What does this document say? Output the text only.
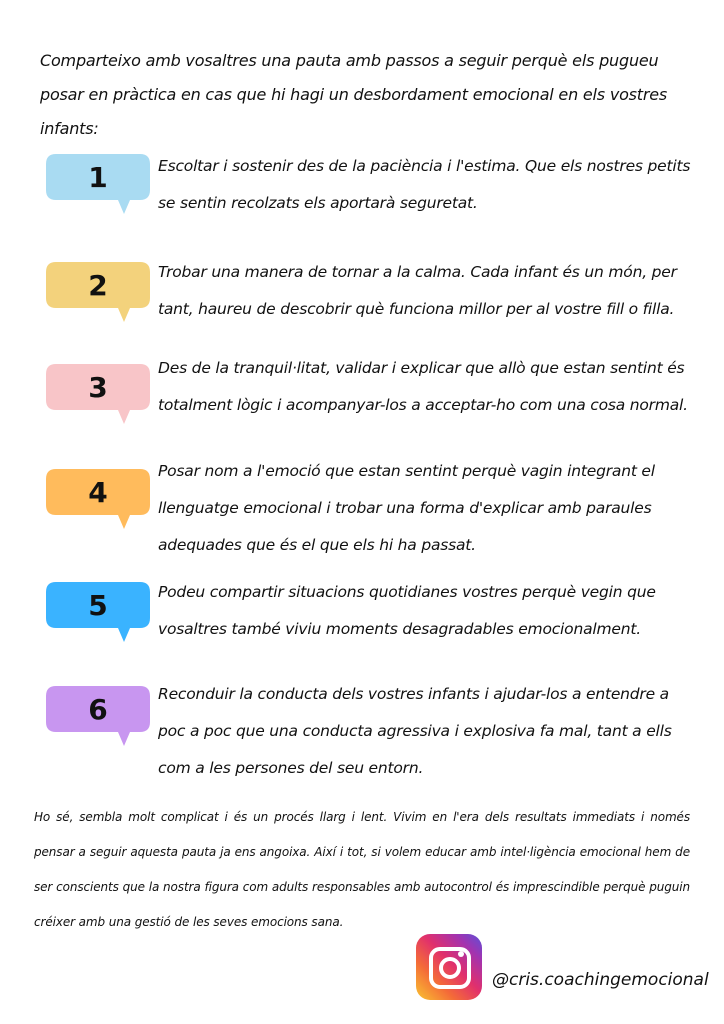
Comparteixo amb vosaltres una pauta amb passos a seguir perquè els pugueu posar en pràctica en cas que hi hagi un desbordament emocional en els vostres infants:
1	Escoltar i sostenir des de la paciència i l'estima. Que els nostres petits se sentin recolzats els aportarà seguretat.
2	Trobar una manera de tornar a la calma. Cada infant és un món, per tant, haureu de descobrir què funciona millor per al vostre fill o filla.
3
Des de la tranquil·litat, validar i explicar que allò que estan sentint és totalment lògic i acompanyar-los a acceptar-ho com una cosa normal.
4
Posar nom a l'emoció que estan sentint perquè vagin integrant el llenguatge emocional i trobar una forma d'explicar amb paraules adequades que és el que els hi ha passat.
5	Podeu compartir situacions quotidianes vostres perquè vegin que vosaltres també viviu moments desagradables emocionalment.
6	Reconduir la conducta dels vostres infants i ajudar-los a entendre a poc a poc que una conducta agressiva i explosiva fa mal, tant a ells com a les persones del seu entorn.
Ho sé, sembla molt complicat i és un procés llarg i lent. Vivim en l'era dels resultats immediats i només pensar a seguir aquesta pauta ja ens angoixa. Així i tot, si volem educar amb intel·ligència emocional hem de ser conscients que la nostra figura com adults responsables amb autocontrol és imprescindible perquè puguin créixer amb una gestió de les seves emocions sana.
@cris.coachingemocional
